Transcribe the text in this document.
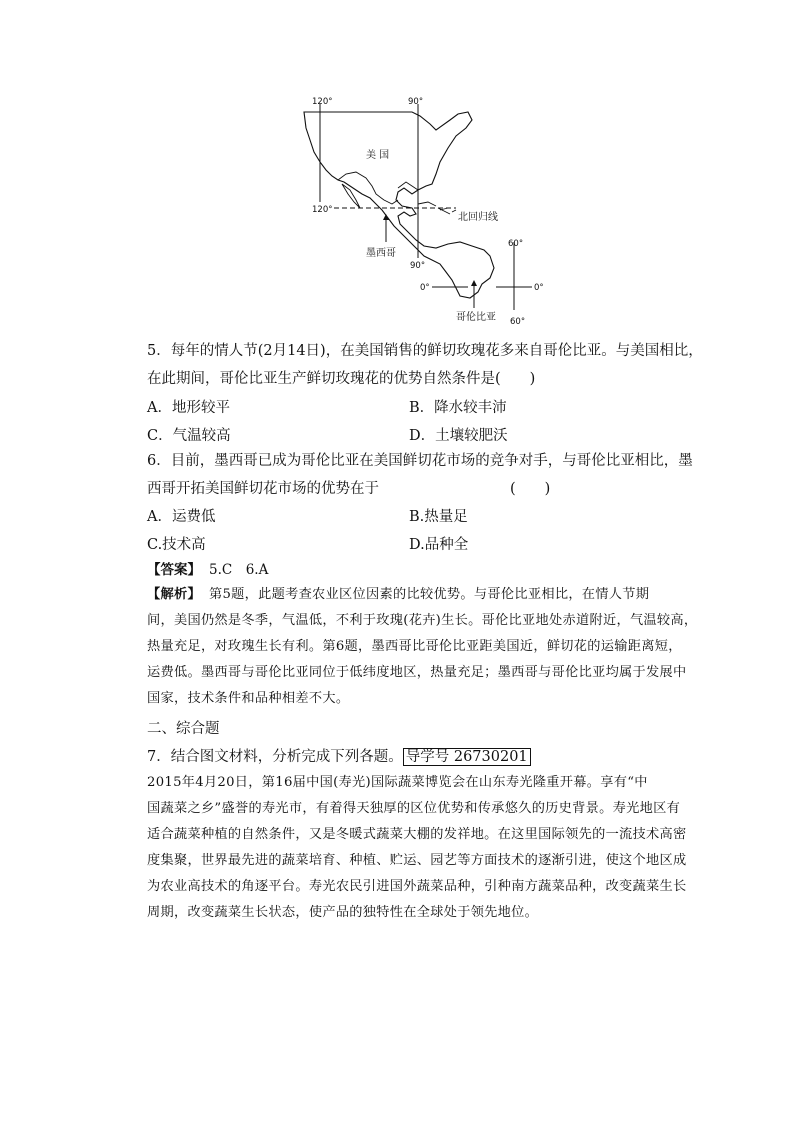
120°	90°
120°
90°
60°
60°
0°	0°
美 国
北回归线
墨西哥
哥伦比亚
5．每年的情人节(2月14日)，在美国销售的鲜切玫瑰花多来自哥伦比亚。与美国相比，
在此期间，哥伦比亚生产鲜切玫瑰花的优势自然条件是(　　)
A．地形较平	B．降水较丰沛
C．气温较高	D．土壤较肥沃
6．目前，墨西哥已成为哥伦比亚在美国鲜切花市场的竞争对手，与哥伦比亚相比，墨
西哥开拓美国鲜切花市场的优势在于	(　　)
A．运费低	B.热量足
C.技术高	D.品种全
【答案】 5.C　6.A
【解析】 第5题，此题考查农业区位因素的比较优势。与哥伦比亚相比，在情人节期
间，美国仍然是冬季，气温低，不利于玫瑰(花卉)生长。哥伦比亚地处赤道附近，气温较高，
热量充足，对玫瑰生长有利。第6题，墨西哥比哥伦比亚距美国近，鲜切花的运输距离短，
运费低。墨西哥与哥伦比亚同位于低纬度地区，热量充足；墨西哥与哥伦比亚均属于发展中
国家，技术条件和品种相差不大。
二、综合题
7．结合图文材料，分析完成下列各题。 导学号 26730201
2015年4月20日，第16届中国(寿光)国际蔬菜博览会在山东寿光隆重开幕。享有“中
国蔬菜之乡”盛誉的寿光市，有着得天独厚的区位优势和传承悠久的历史背景。寿光地区有
适合蔬菜种植的自然条件，又是冬暖式蔬菜大棚的发祥地。在这里国际领先的一流技术高密
度集聚，世界最先进的蔬菜培育、种植、贮运、园艺等方面技术的逐渐引进，使这个地区成
为农业高技术的角逐平台。寿光农民引进国外蔬菜品种，引种南方蔬菜品种，改变蔬菜生长
周期，改变蔬菜生长状态，使产品的独特性在全球处于领先地位。
